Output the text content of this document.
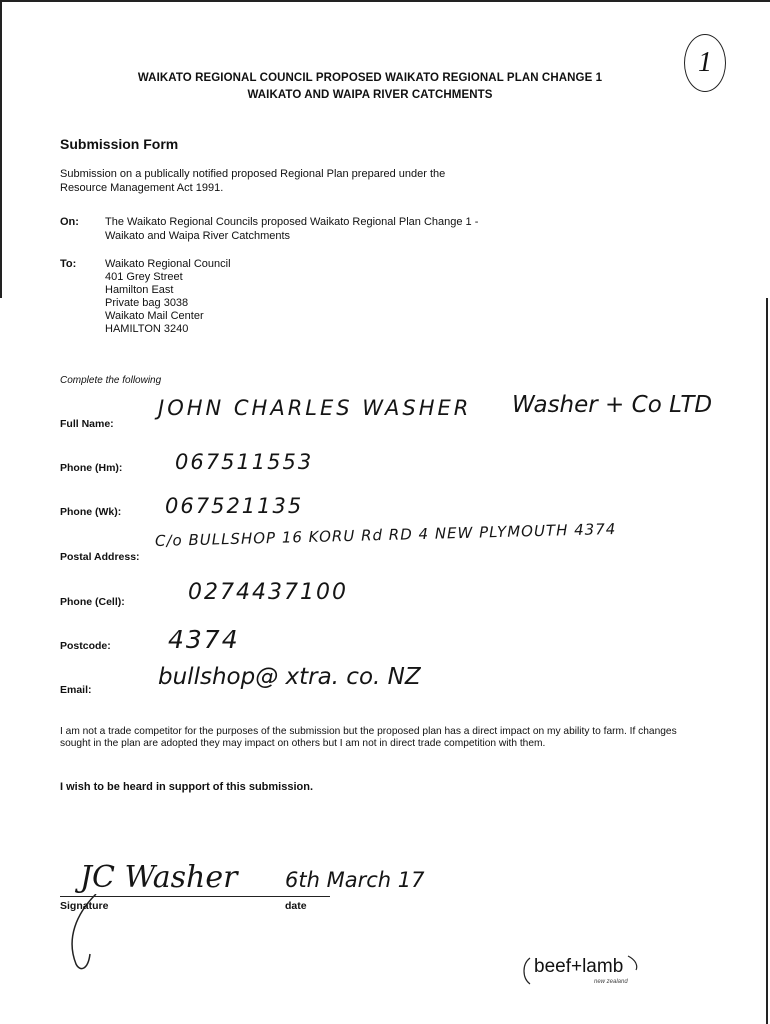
WAIKATO REGIONAL COUNCIL PROPOSED WAIKATO REGIONAL PLAN CHANGE 1
WAIKATO AND WAIPA RIVER CATCHMENTS
1
Submission Form
Submission on a publically notified proposed Regional Plan prepared under the
Resource Management Act 1991.
On: The Waikato Regional Councils proposed Waikato Regional Plan Change 1 -
Waikato and Waipa River Catchments
To:	Waikato Regional Council
401 Grey Street
Hamilton East
Private bag 3038
Waikato Mail Center
HAMILTON 3240
Complete the following
Full Name:
Phone (Hm):
Phone (Wk):
Postal Address:
Phone (Cell):
Postcode:
Email:
JOHN CHARLES WASHER Washer + Co LTD
067511553
067521135
C/o BULLSHOP 16 KORU Rd RD 4 NEW PLYMOUTH 4374
0274437100
4374
bullshop@ xtra. co. NZ
I am not a trade competitor for the purposes of the submission but the proposed plan has a direct impact on my ability to farm. If changes sought in the plan are adopted they may impact on others but I am not in direct trade competition with them.
I wish to be heard in support of this submission.
JC Washer 6th March 17
Signature	date
beef+lamb
new zealand
